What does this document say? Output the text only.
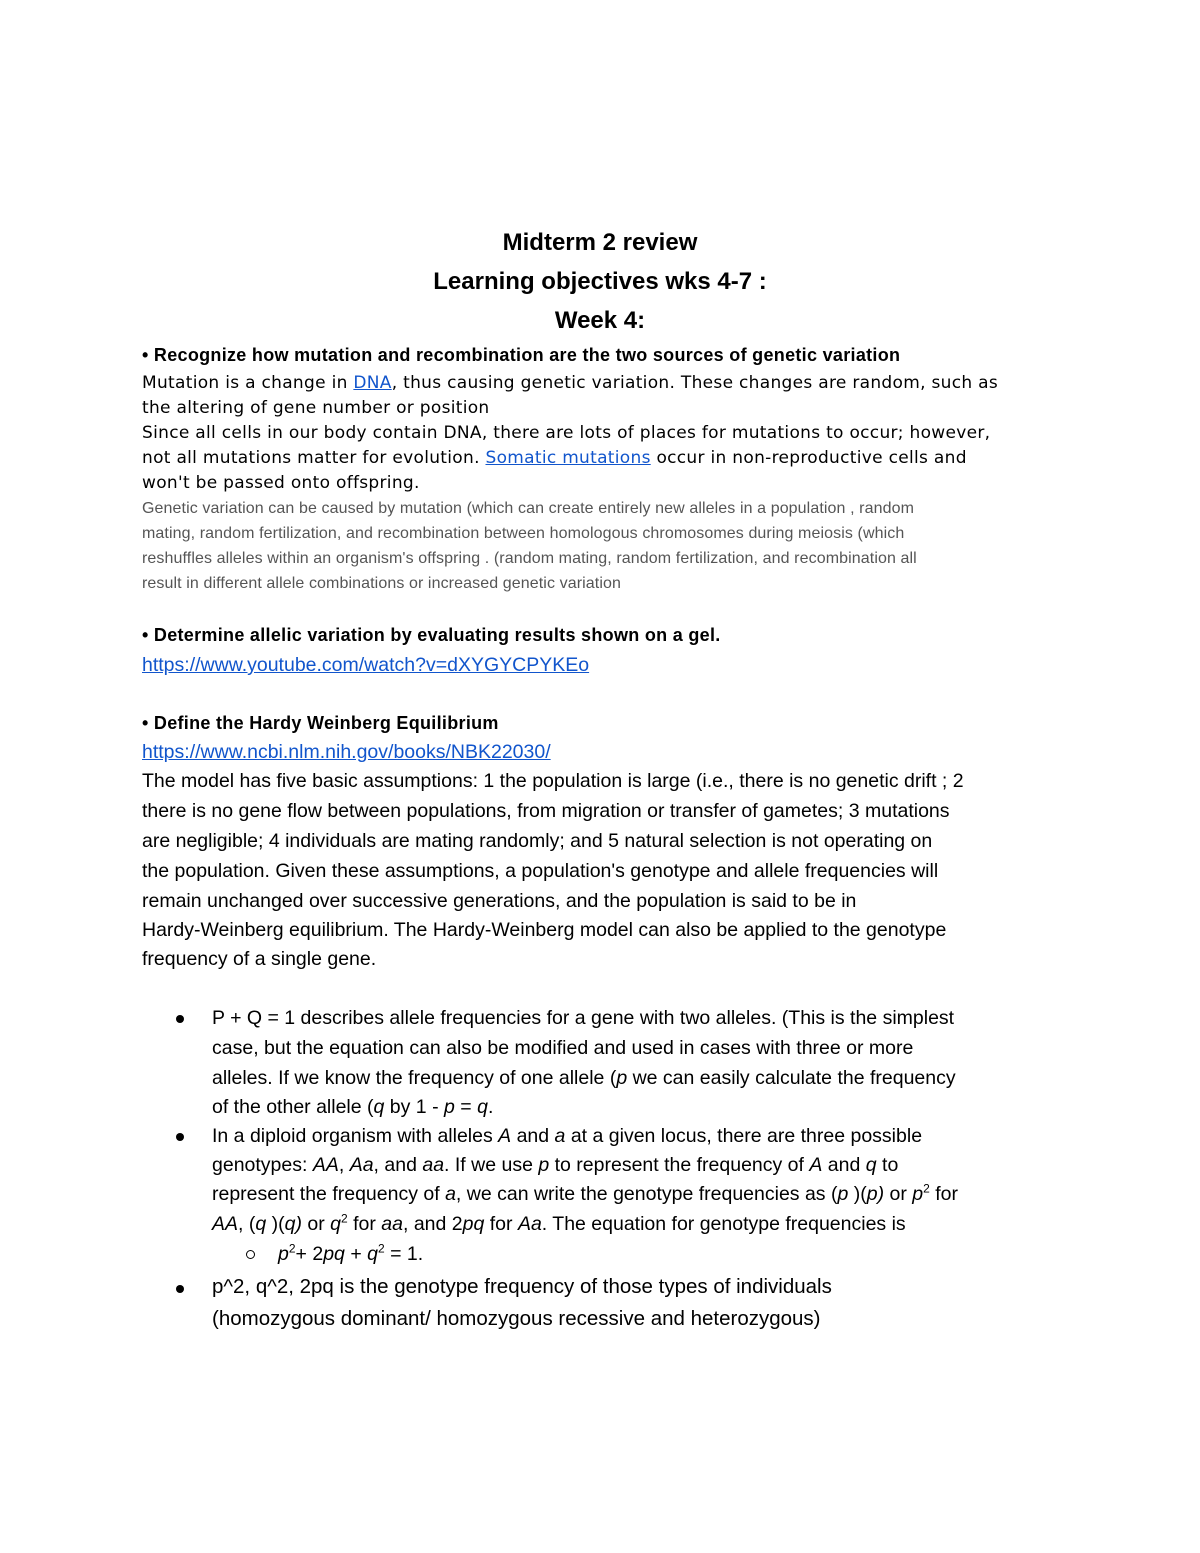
Midterm 2 review
Learning objectives wks 4-7 :
Week 4:
• Recognize how mutation and recombination are the two sources of genetic variation
Mutation is a change in DNA, thus causing genetic variation. These changes are random, such as
the altering of gene number or position
Since all cells in our body contain DNA, there are lots of places for mutations to occur; however,
not all mutations matter for evolution. Somatic mutations occur in non-reproductive cells and
won't be passed onto offspring.
Genetic variation can be caused by mutation (which can create entirely new alleles in a population , random
mating, random fertilization, and recombination between homologous chromosomes during meiosis (which
reshuffles alleles within an organism's offspring . (random mating, random fertilization, and recombination all
result in different allele combinations or increased genetic variation
• Determine allelic variation by evaluating results shown on a gel.
https://www.youtube.com/watch?v=dXYGYCPYKEo
• Define the Hardy Weinberg Equilibrium
https://www.ncbi.nlm.nih.gov/books/NBK22030/
The model has five basic assumptions: 1 the population is large (i.e., there is no genetic drift ; 2
there is no gene flow between populations, from migration or transfer of gametes; 3 mutations
are negligible; 4 individuals are mating randomly; and 5 natural selection is not operating on
the population. Given these assumptions, a population's genotype and allele frequencies will
remain unchanged over successive generations, and the population is said to be in
Hardy-Weinberg equilibrium. The Hardy-Weinberg model can also be applied to the genotype
frequency of a single gene.
P + Q = 1 describes allele frequencies for a gene with two alleles. (This is the simplest
case, but the equation can also be modified and used in cases with three or more
alleles. If we know the frequency of one allele (p we can easily calculate the frequency
of the other allele (q by 1 - p = q.
In a diploid organism with alleles A and a at a given locus, there are three possible
genotypes: AA, Aa, and aa. If we use p to represent the frequency of A and q to
represent the frequency of a, we can write the genotype frequencies as (p )(p) or $p^2$ for
AA, (q )(q) or $q^2$ for aa, and 2pq for Aa. The equation for genotype frequencies is
$p^2+ 2pq + q^2 = 1$.
p^2, q^2, 2pq is the genotype frequency of those types of individuals
(homozygous dominant/ homozygous recessive and heterozygous)
